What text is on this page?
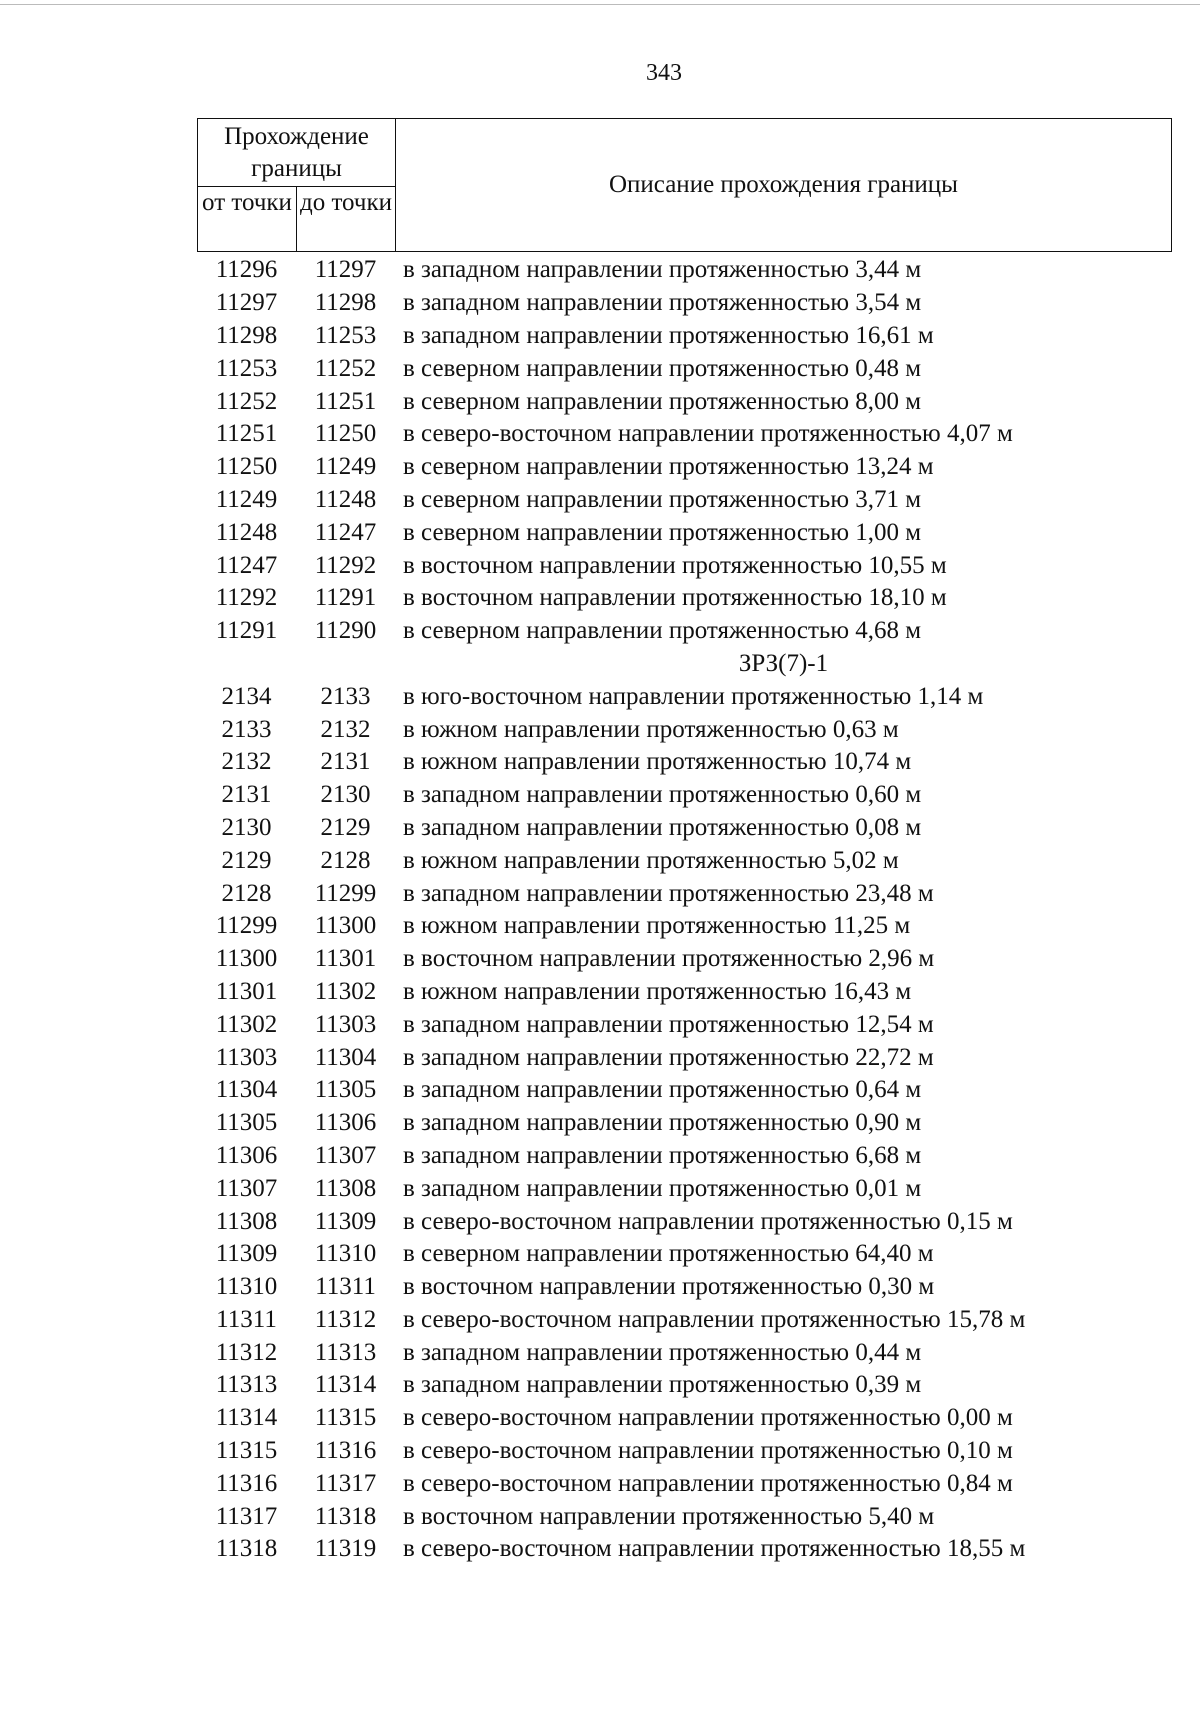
343
Прохождение границы
от точки до точки
Описание прохождения границы
11296	11297	в западном направлении протяженностью 3,44 м
11297	11298	в западном направлении протяженностью 3,54 м
11298	11253	в западном направлении протяженностью 16,61 м
11253	11252	в северном направлении протяженностью 0,48 м
11252	11251	в северном направлении протяженностью 8,00 м
11251	11250	в северо-восточном направлении протяженностью 4,07 м
11250	11249	в северном направлении протяженностью 13,24 м
11249	11248	в северном направлении протяженностью 3,71 м
11248	11247	в северном направлении протяженностью 1,00 м
11247	11292	в восточном направлении протяженностью 10,55 м
11292	11291	в восточном направлении протяженностью 18,10 м
11291	11290	в северном направлении протяженностью 4,68 м
ЗРЗ(7)-1
2134	2133	в юго-восточном направлении протяженностью 1,14 м
2133	2132	в южном направлении протяженностью 0,63 м
2132	2131	в южном направлении протяженностью 10,74 м
2131	2130	в западном направлении протяженностью 0,60 м
2130	2129	в западном направлении протяженностью 0,08 м
2129	2128	в южном направлении протяженностью 5,02 м
2128	11299	в западном направлении протяженностью 23,48 м
11299	11300	в южном направлении протяженностью 11,25 м
11300	11301	в восточном направлении протяженностью 2,96 м
11301	11302	в южном направлении протяженностью 16,43 м
11302	11303	в западном направлении протяженностью 12,54 м
11303	11304	в западном направлении протяженностью 22,72 м
11304	11305	в западном направлении протяженностью 0,64 м
11305	11306	в западном направлении протяженностью 0,90 м
11306	11307	в западном направлении протяженностью 6,68 м
11307	11308	в западном направлении протяженностью 0,01 м
11308	11309	в северо-восточном направлении протяженностью 0,15 м
11309	11310	в северном направлении протяженностью 64,40 м
11310	11311	в восточном направлении протяженностью 0,30 м
11311	11312	в северо-восточном направлении протяженностью 15,78 м
11312	11313	в западном направлении протяженностью 0,44 м
11313	11314	в западном направлении протяженностью 0,39 м
11314	11315	в северо-восточном направлении протяженностью 0,00 м
11315	11316	в северо-восточном направлении протяженностью 0,10 м
11316	11317	в северо-восточном направлении протяженностью 0,84 м
11317	11318	в восточном направлении протяженностью 5,40 м
11318	11319	в северо-восточном направлении протяженностью 18,55 м
